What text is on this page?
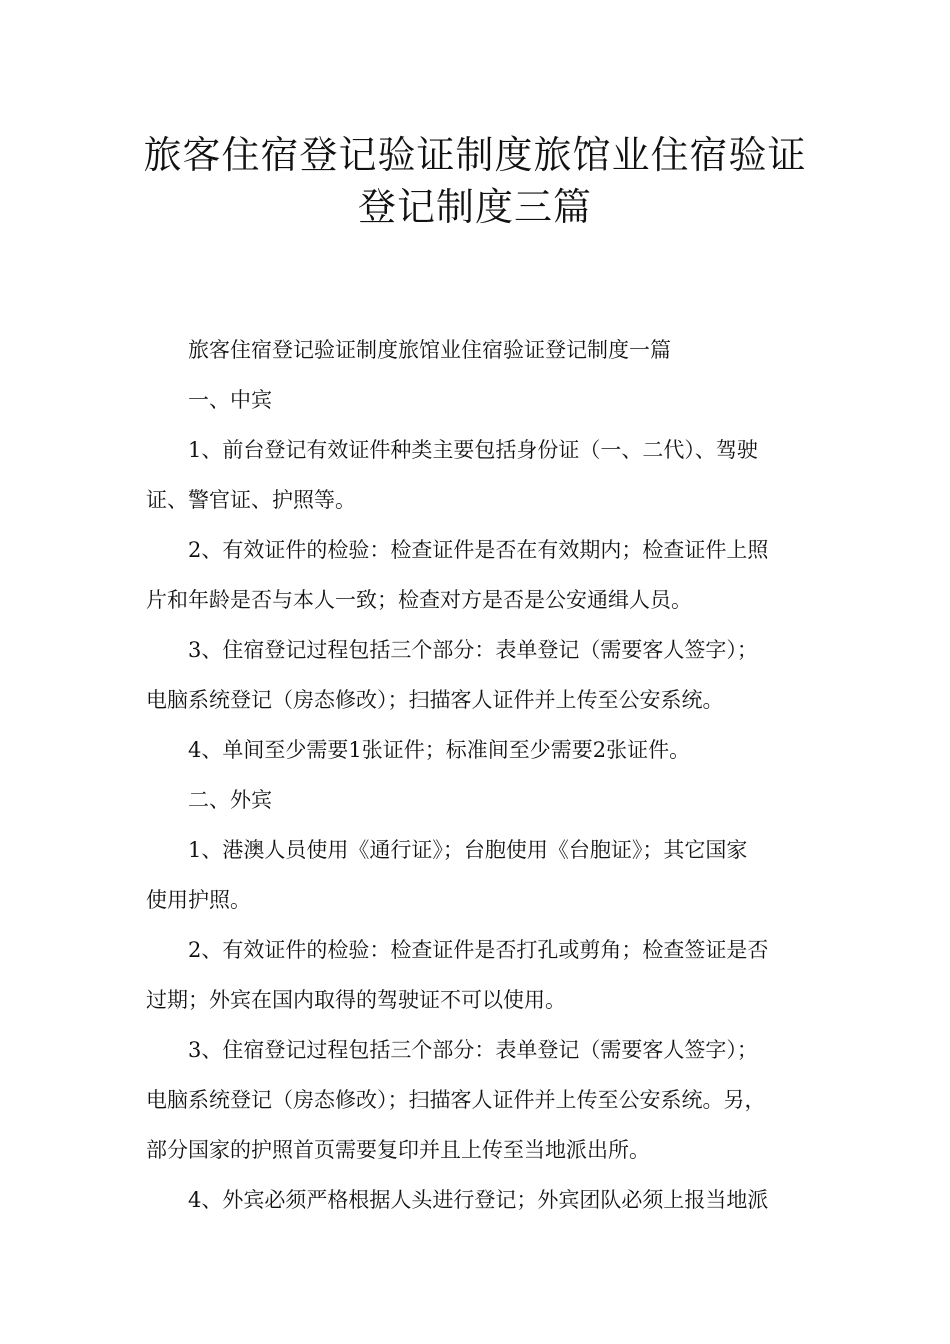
旅客住宿登记验证制度旅馆业住宿验证
登记制度三篇

旅客住宿登记验证制度旅馆业住宿验证登记制度一篇

一、中宾

1、前台登记有效证件种类主要包括身份证（一、二代）、驾驶

证、警官证、护照等。

2、有效证件的检验：检查证件是否在有效期内；检查证件上照

片和年龄是否与本人一致；检查对方是否是公安通缉人员。

3、住宿登记过程包括三个部分：表单登记（需要客人签字）；

电脑系统登记（房态修改）；扫描客人证件并上传至公安系统。

4、单间至少需要1张证件；标准间至少需要2张证件。

二、外宾

1、港澳人员使用《通行证》；台胞使用《台胞证》；其它国家

使用护照。

2、有效证件的检验：检查证件是否打孔或剪角；检查签证是否

过期；外宾在国内取得的驾驶证不可以使用。

3、住宿登记过程包括三个部分：表单登记（需要客人签字）；

电脑系统登记（房态修改）；扫描客人证件并上传至公安系统。另，

部分国家的护照首页需要复印并且上传至当地派出所。

4、外宾必须严格根据人头进行登记；外宾团队必须上报当地派
